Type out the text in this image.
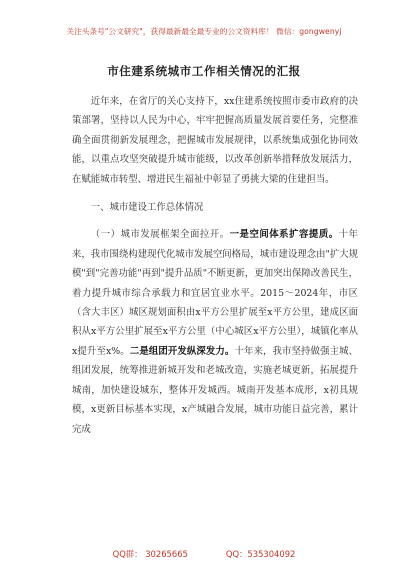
关注头条号"公文研究"，获得最新最全最专业的公文资料库！ 微信：gongwenyj
市住建系统城市工作相关情况的汇报

近年来，在省厅的关心支持下，xx住建系统按照市委市政府的决策部署，坚持以人民为中心，牢牢把握高质量发展首要任务，完整准确全面贯彻新发展理念，把握城市发展规律，以系统集成强化协同效能，以重点攻坚突破提升城市能级，以改革创新举措释放发展活力，在赋能城市转型、增进民生福祉中彰显了勇挑大梁的住建担当。

一、城市建设工作总体情况

（一）城市发展框架全面拉开。一是空间体系扩容提质。十年来，我市围绕构建现代化城市发展空间格局，城市建设理念由"扩大规模"到"完善功能"再到"提升品质"不断更新，更加突出保障改善民生，着力提升城市综合承载力和宜居宜业水平。2015～2024年，市区（含大丰区）城区规划面积由x平方公里扩展至x平方公里，建成区面积从x平方公里扩展至x平方公里（中心城区x平方公里），城镇化率从x提升至x%。二是组团开发纵深发力。十年来，我市坚持做强主城、组团发展，统筹推进新城开发和老城改造，实施老城更新，拓展提升城南，加快建设城东，整体开发城西。城南开发基本成形，x初具规模，x更新目标基本实现，x产城融合发展，城市功能日益完善，累计完成

QQ群： 30265665	QQ：535304092
